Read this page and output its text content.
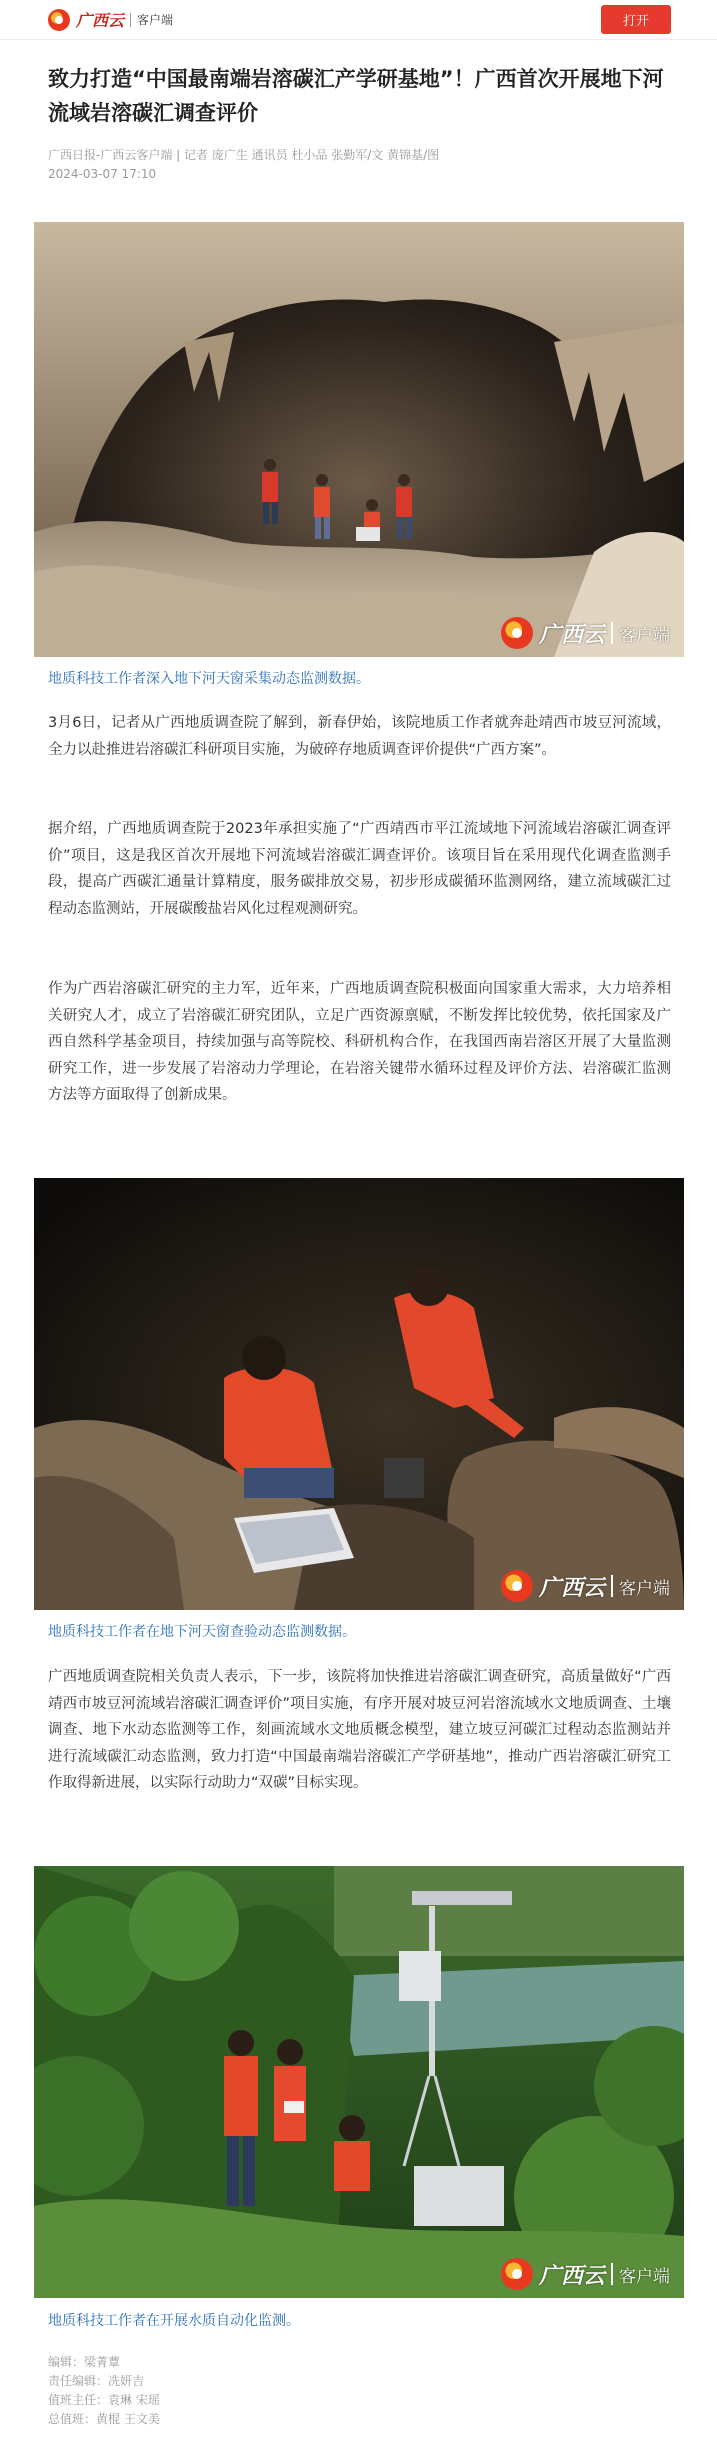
广西云 客户端	打开
致力打造“中国最南端岩溶碳汇产学研基地”！广西首次开展地下河流域岩溶碳汇调查评价
广西日报-广西云客户端 | 记者 庞广生 通讯员 杜小品 张勤军/文 黄锦基/图
2024-03-07 17:10
广西云 客户端
地质科技工作者深入地下河天窗采集动态监测数据。

3月6日，记者从广西地质调查院了解到，新春伊始，该院地质工作者就奔赴靖西市坡豆河流域，全力以赴推进岩溶碳汇科研项目实施，为破碎存地质调查评价提供“广西方案”。

据介绍，广西地质调查院于2023年承担实施了“广西靖西市平江流域地下河流域岩溶碳汇调查评价”项目，这是我区首次开展地下河流域岩溶碳汇调查评价。该项目旨在采用现代化调查监测手段，提高广西碳汇通量计算精度，服务碳排放交易，初步形成碳循环监测网络，建立流域碳汇过程动态监测站，开展碳酸盐岩风化过程观测研究。

作为广西岩溶碳汇研究的主力军，近年来，广西地质调查院积极面向国家重大需求，大力培养相关研究人才，成立了岩溶碳汇研究团队，立足广西资源禀赋，不断发挥比较优势，依托国家及广西自然科学基金项目，持续加强与高等院校、科研机构合作，在我国西南岩溶区开展了大量监测研究工作，进一步发展了岩溶动力学理论，在岩溶关键带水循环过程及评价方法、岩溶碳汇监测方法等方面取得了创新成果。

广西云 客户端
地质科技工作者在地下河天窗查验动态监测数据。

广西地质调查院相关负责人表示，下一步，该院将加快推进岩溶碳汇调查研究，高质量做好“广西靖西市坡豆河流域岩溶碳汇调查评价”项目实施，有序开展对坡豆河岩溶流域水文地质调查、土壤调查、地下水动态监测等工作，刻画流域水文地质概念模型，建立坡豆河碳汇过程动态监测站并进行流域碳汇动态监测，致力打造“中国最南端岩溶碳汇产学研基地”，推动广西岩溶碳汇研究工作取得新进展，以实际行动助力“双碳”目标实现。

广西云 客户端
地质科技工作者在开展水质自动化监测。
编辑：梁菁蕈
责任编辑：冼妍吉
值班主任：袁琳 宋瑶
总值班：黄棍 王文美
